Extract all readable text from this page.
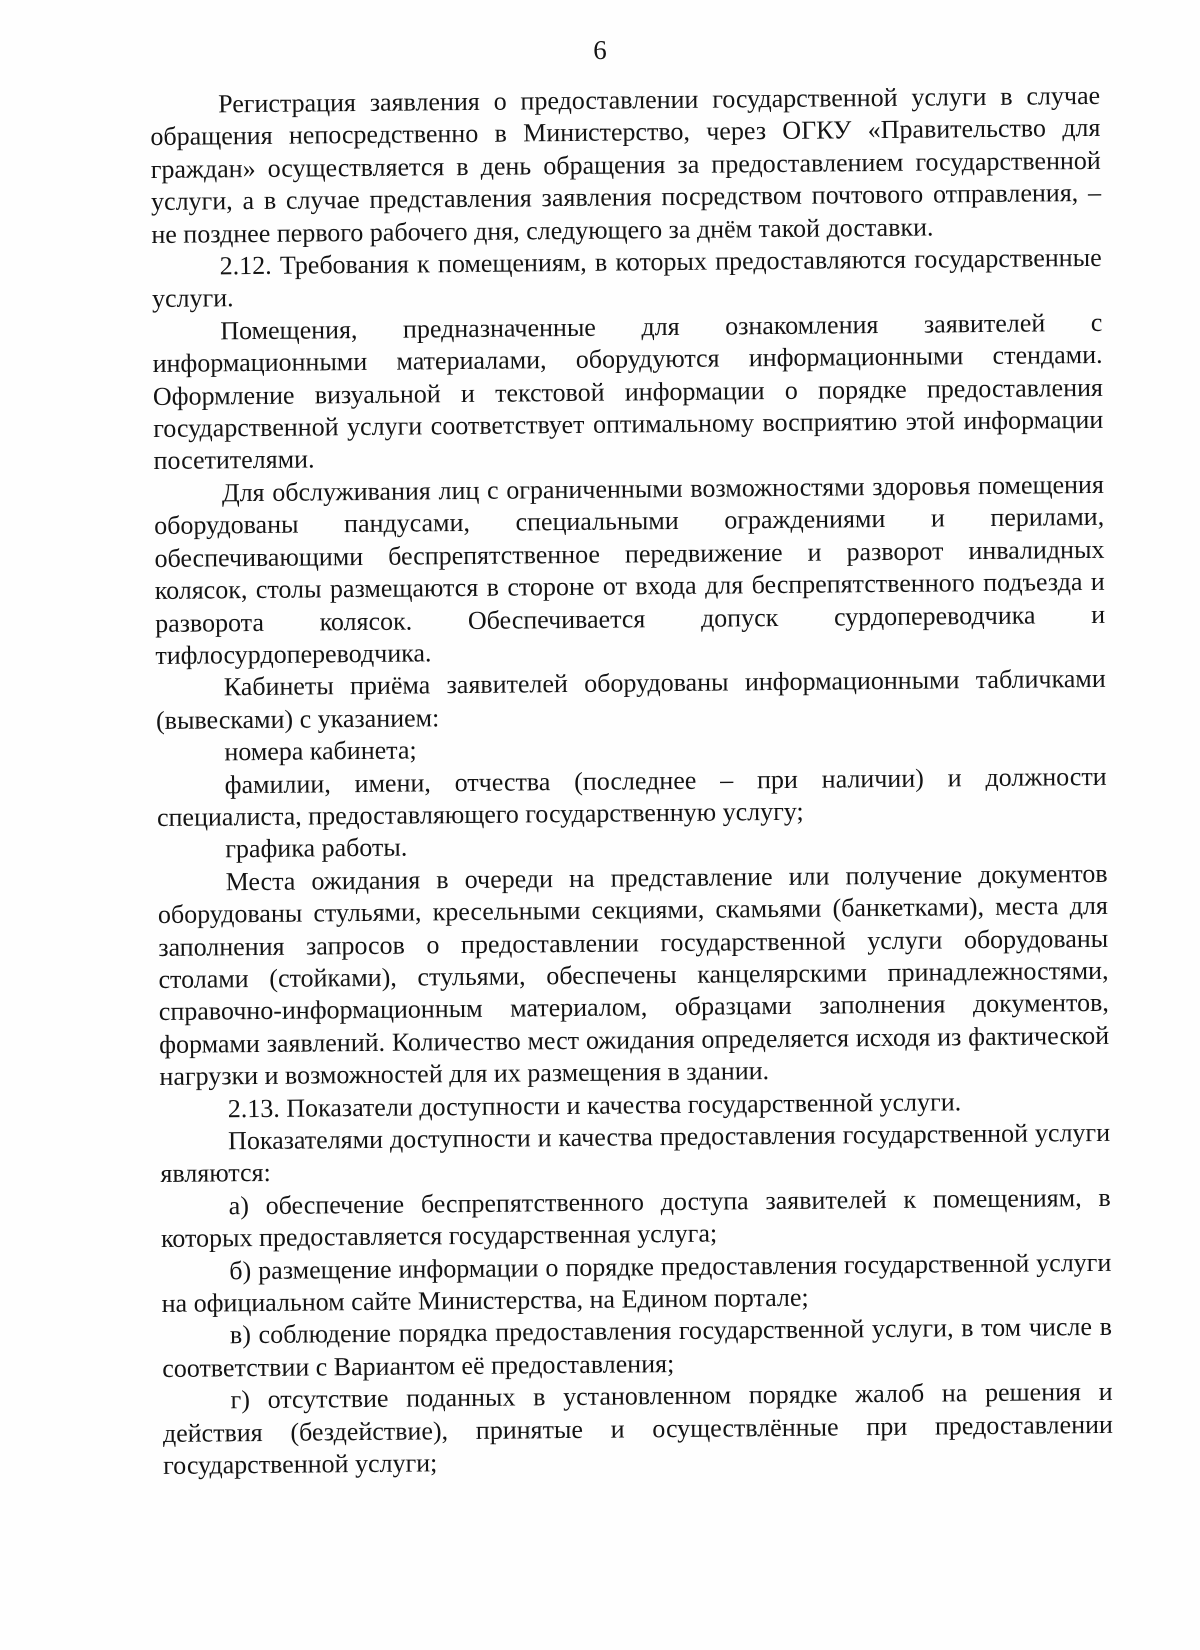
6

Регистрация заявления о предоставлении государственной услуги в случае обращения непосредственно в Министерство, через ОГКУ «Правительство для граждан» осуществляется в день обращения за предоставлением государственной услуги, а в случае представления заявления посредством почтового отправления, – не позднее первого рабочего дня, следующего за днём такой доставки.

2.12. Требования к помещениям, в которых предоставляются государственные услуги.

Помещения, предназначенные для ознакомления заявителей с информационными материалами, оборудуются информационными стендами. Оформление визуальной и текстовой информации о порядке предоставления государственной услуги соответствует оптимальному восприятию этой информации посетителями.

Для обслуживания лиц с ограниченными возможностями здоровья помещения оборудованы пандусами, специальными ограждениями и перилами, обеспечивающими беспрепятственное передвижение и разворот инвалидных колясок, столы размещаются в стороне от входа для беспрепятственного подъезда и разворота колясок. Обеспечивается допуск сурдопереводчика и тифлосурдопереводчика.

Кабинеты приёма заявителей оборудованы информационными табличками (вывесками) с указанием:

номера кабинета;

фамилии, имени, отчества (последнее – при наличии) и должности специалиста, предоставляющего государственную услугу;

графика работы.

Места ожидания в очереди на представление или получение документов оборудованы стульями, кресельными секциями, скамьями (банкетками), места для заполнения запросов о предоставлении государственной услуги оборудованы столами (стойками), стульями, обеспечены канцелярскими принадлежностями, справочно-информационным материалом, образцами заполнения документов, формами заявлений. Количество мест ожидания определяется исходя из фактической нагрузки и возможностей для их размещения в здании.

2.13. Показатели доступности и качества государственной услуги.

Показателями доступности и качества предоставления государственной услуги являются:

а) обеспечение беспрепятственного доступа заявителей к помещениям, в которых предоставляется государственная услуга;

б) размещение информации о порядке предоставления государственной услуги на официальном сайте Министерства, на Едином портале;

в) соблюдение порядка предоставления государственной услуги, в том числе в соответствии с Вариантом её предоставления;

г) отсутствие поданных в установленном порядке жалоб на решения и действия (бездействие), принятые и осуществлённые при предоставлении государственной услуги;
